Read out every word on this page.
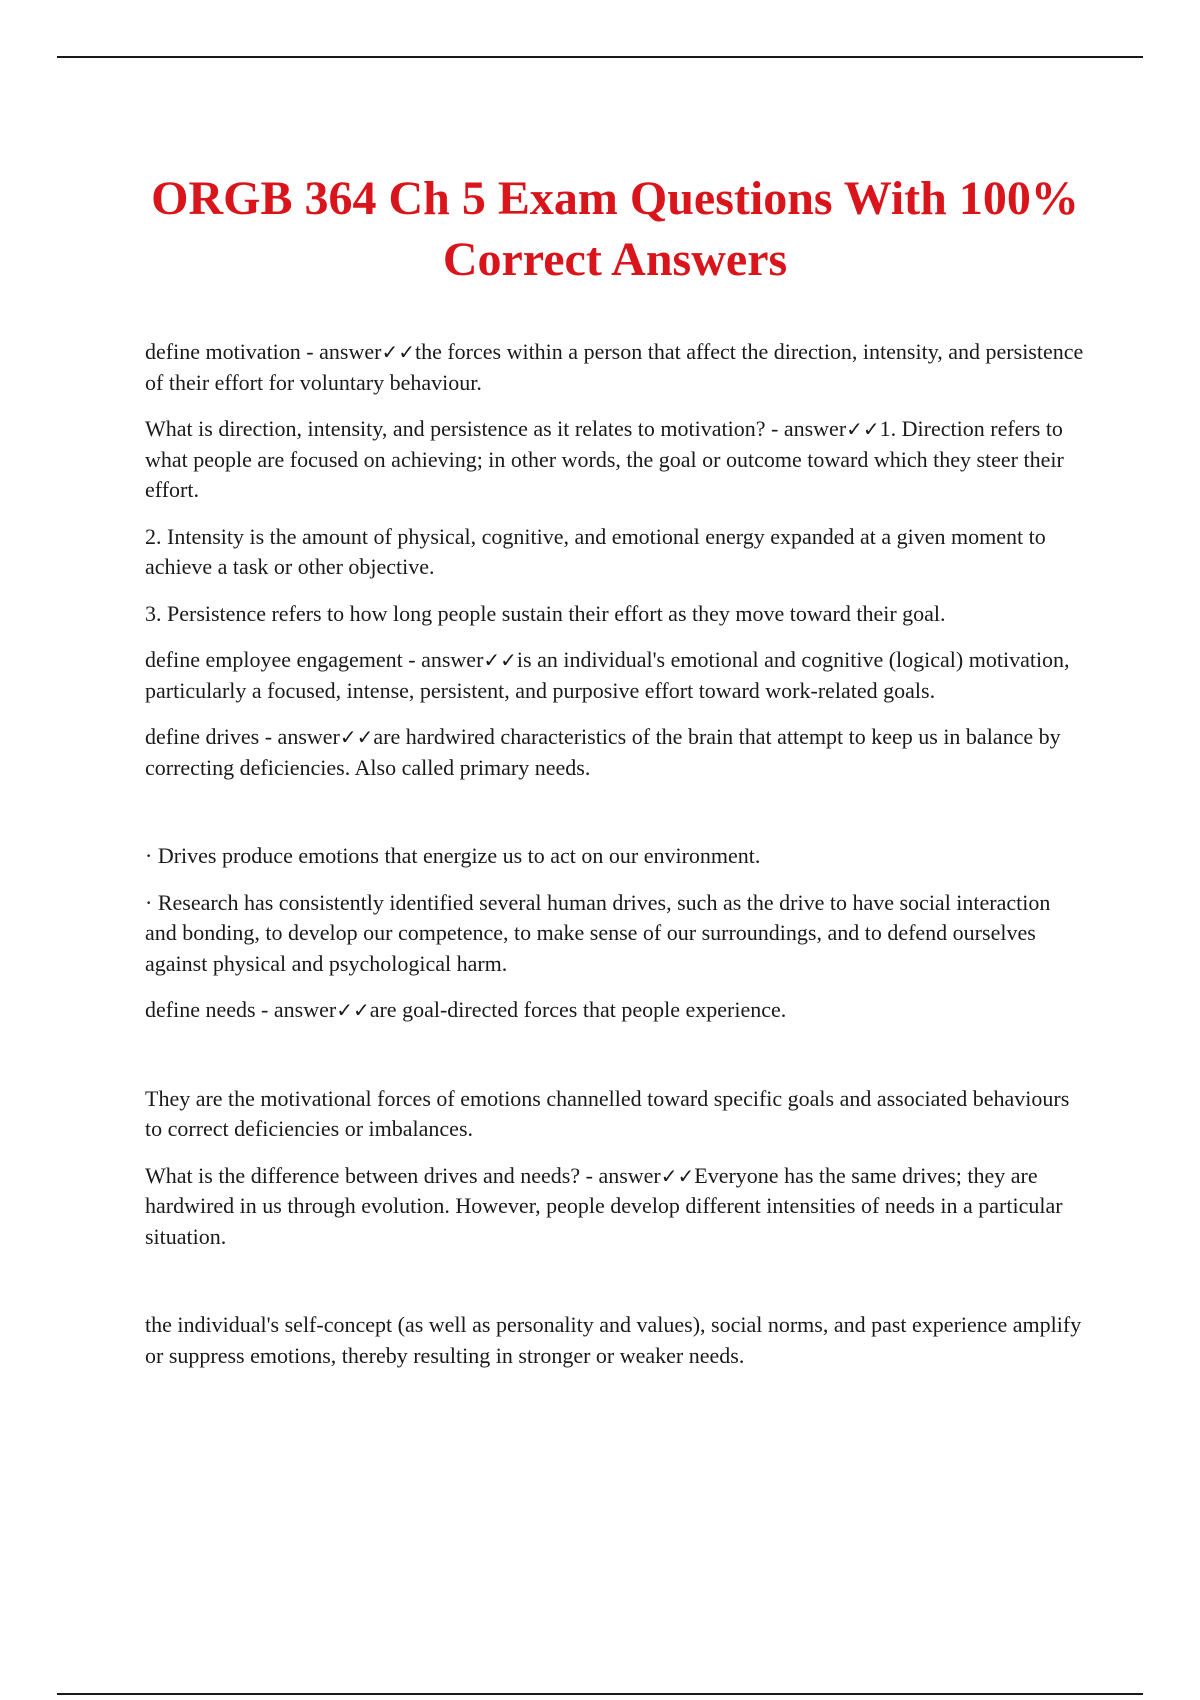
ORGB 364 Ch 5 Exam Questions With 100% Correct Answers

define motivation - answer✓✓the forces within a person that affect the direction, intensity, and persistence of their effort for voluntary behaviour.

What is direction, intensity, and persistence as it relates to motivation? - answer✓✓1. Direction refers to what people are focused on achieving; in other words, the goal or outcome toward which they steer their effort.

2. Intensity is the amount of physical, cognitive, and emotional energy expanded at a given moment to achieve a task or other objective.

3. Persistence refers to how long people sustain their effort as they move toward their goal.

define employee engagement - answer✓✓is an individual's emotional and cognitive (logical) motivation, particularly a focused, intense, persistent, and purposive effort toward work-related goals.

define drives - answer✓✓are hardwired characteristics of the brain that attempt to keep us in balance by correcting deficiencies. Also called primary needs.

· Drives produce emotions that energize us to act on our environment.

· Research has consistently identified several human drives, such as the drive to have social interaction and bonding, to develop our competence, to make sense of our surroundings, and to defend ourselves against physical and psychological harm.

define needs - answer✓✓are goal-directed forces that people experience.

They are the motivational forces of emotions channelled toward specific goals and associated behaviours to correct deficiencies or imbalances.

What is the difference between drives and needs? - answer✓✓Everyone has the same drives; they are hardwired in us through evolution. However, people develop different intensities of needs in a particular situation.

the individual's self-concept (as well as personality and values), social norms, and past experience amplify or suppress emotions, thereby resulting in stronger or weaker needs.
